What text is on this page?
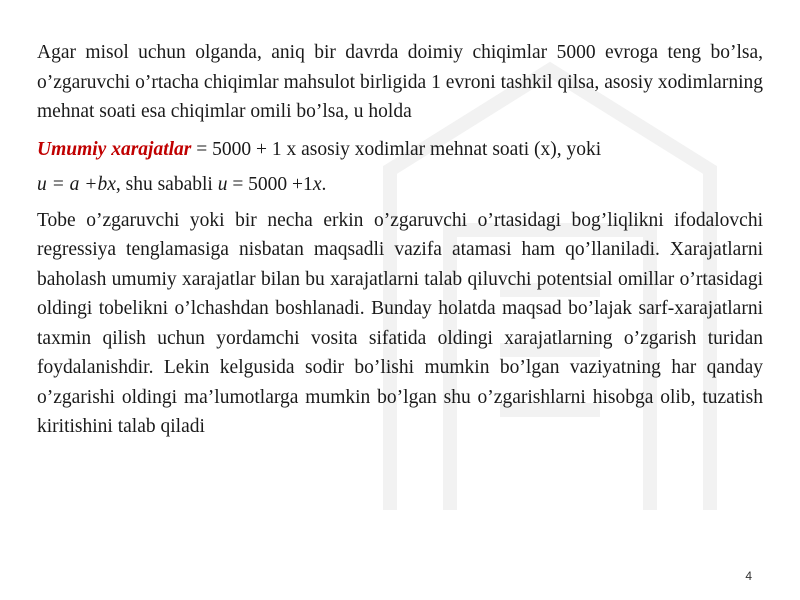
Agar misol uchun olganda, aniq bir davrda doimiy chiqimlar 5000 evroga teng bo’lsa, o’zgaruvchi o’rtacha chiqimlar mahsulot birligida 1 evroni tashkil qilsa, asosiy xodimlarning mehnat soati esa chiqimlar omili bo’lsa, u holda

Umumiy xarajatlar = 5000 + 1 x asosiy xodimlar mehnat soati (x), yoki

u = a +bx, shu sababli u = 5000 +1x.

Tobe o’zgaruvchi yoki bir necha erkin o’zgaruvchi o’rtasidagi bog’liqlikni ifodalovchi regressiya tenglamasiga nisbatan maqsadli vazifa atamasi ham qo’llaniladi. Xarajatlarni baholash umumiy xarajatlar bilan bu xarajatlarni talab qiluvchi potentsial omillar o’rtasidagi oldingi tobelikni o’lchashdan boshlanadi. Bunday holatda maqsad bo’lajak sarf-xarajatlarni taxmin qilish uchun yordamchi vosita sifatida oldingi xarajatlarning o’zgarish turidan foydalanishdir. Lekin kelgusida sodir bo’lishi mumkin bo’lgan vaziyatning har qanday o’zgarishi oldingi ma’lumotlarga mumkin bo’lgan shu o’zgarishlarni hisobga olib, tuzatish kiritishini talab qiladi

4
